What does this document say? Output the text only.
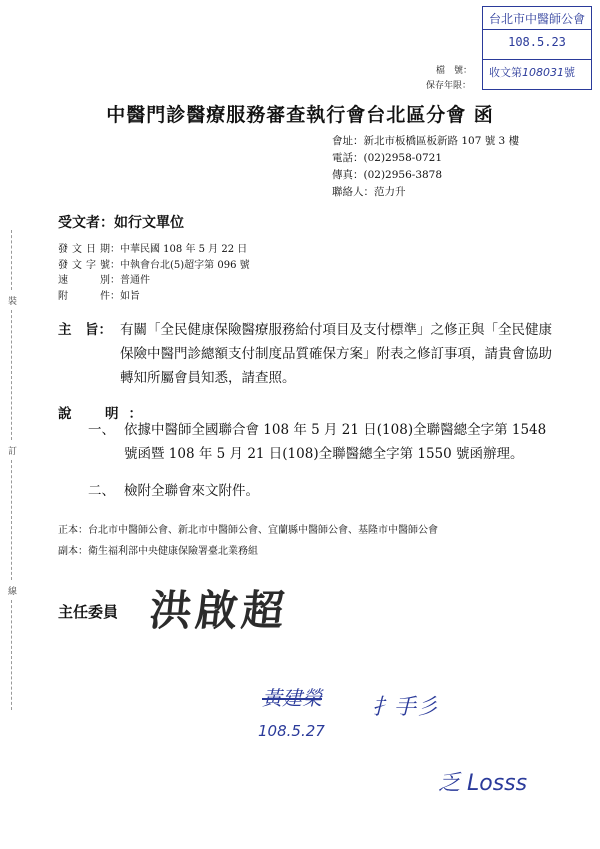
台北市中醫師公會
108.5.23
收文第108031號
檔　號：
保存年限：
中醫門診醫療服務審查執行會台北區分會 函
會址：新北市板橋區板新路 107 號 3 樓
電話：(02)2958-0721
傳真：(02)2956-3878
聯絡人：范力升
受文者：如行文單位
發文日期：中華民國 108 年 5 月 22 日
發文字號：中執會台北(5)超字第 096 號
速別：普通件
附件：如旨
主　旨： 有關「全民健康保險醫療服務給付項目及支付標準」之修正與「全民健康保險中醫門診總額支付制度品質確保方案」附表之修訂事項，請貴會協助轉知所屬會員知悉，請查照。
說　明：
一、 依據中醫師全國聯合會 108 年 5 月 21 日(108)全聯醫總全字第 1548 號函暨 108 年 5 月 21 日(108)全聯醫總全字第 1550 號函辦理。
二、 檢附全聯會來文附件。
正本：台北市中醫師公會、新北市中醫師公會、宜蘭縣中醫師公會、基隆市中醫師公會
副本：衛生福利部中央健康保險署臺北業務組
主任委員 洪啟超
黃建榮
108.5.27
扌手彡
乏 Losss
裝
訂
線
